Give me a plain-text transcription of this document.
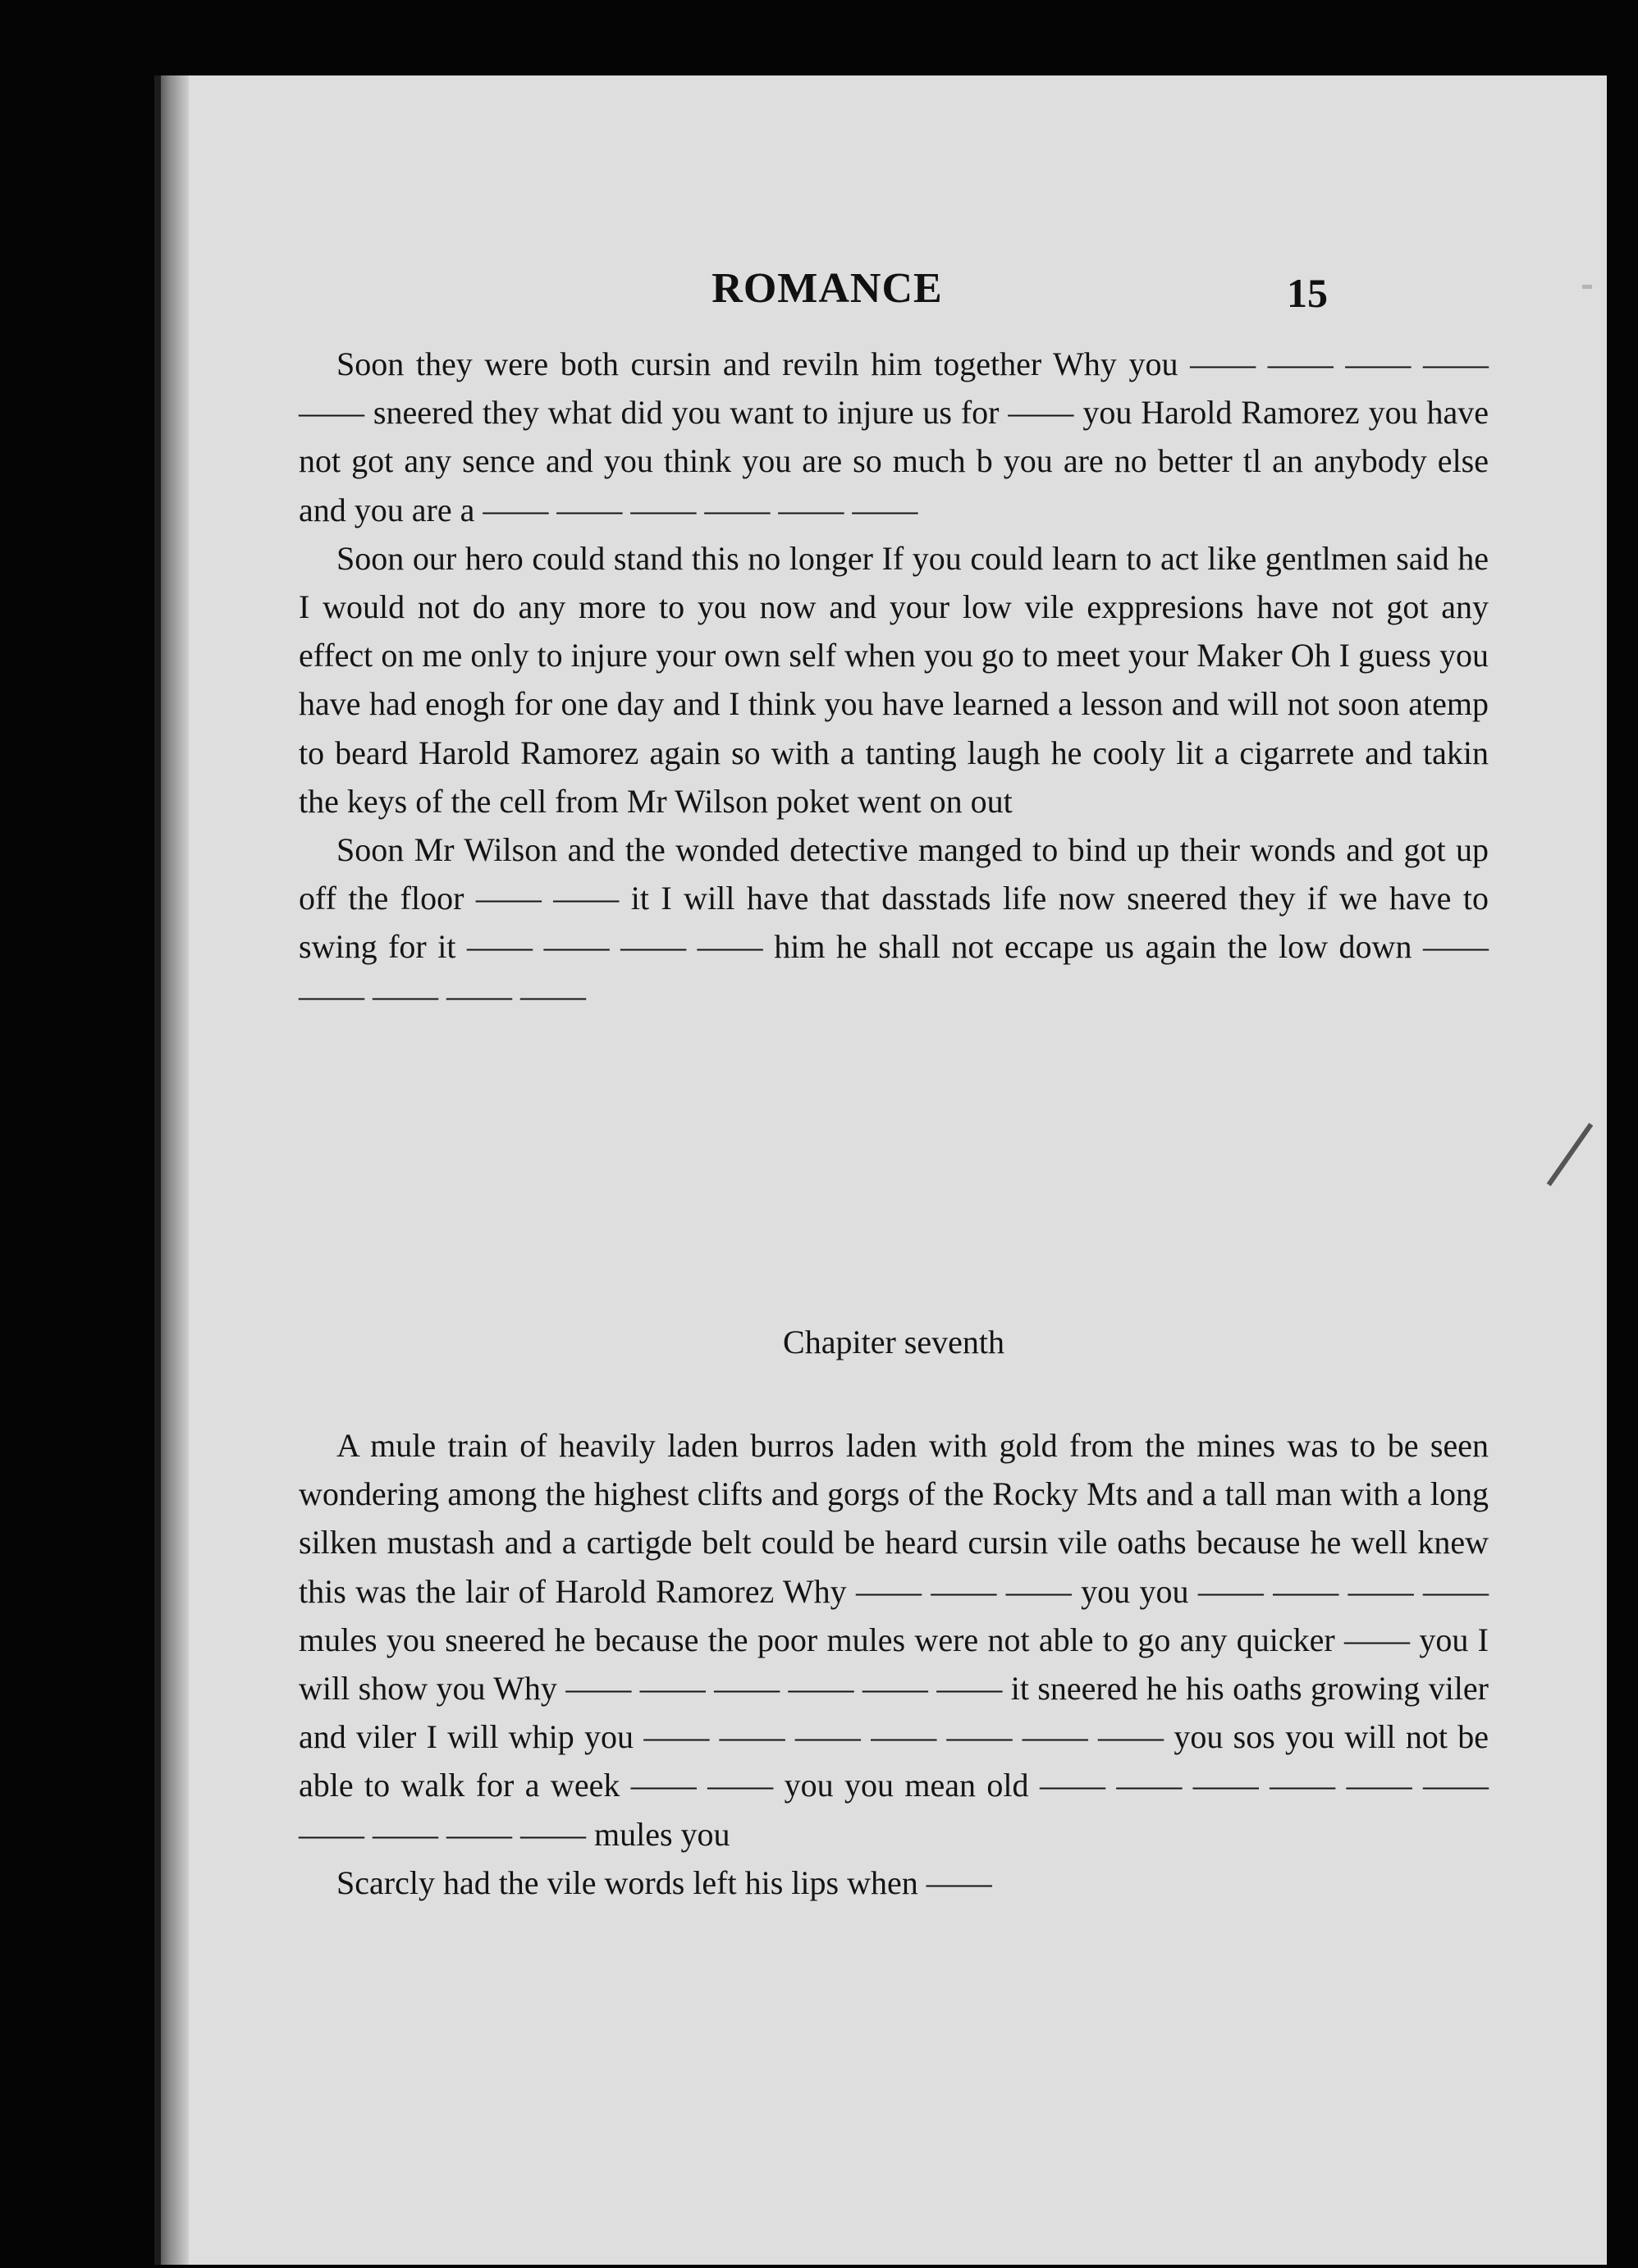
ROMANCE	15

Soon they were both cursin and reviln him together Why you —— —— —— —— —— sneered they what did you want to injure us for —— you Harold Ramorez you have not got any sence and you think you are so much b you are no better tl an anybody else and you are a —— —— —— —— —— ——

Soon our hero could stand this no longer If you could learn to act like gentlmen said he I would not do any more to you now and your low vile exppresions have not got any effect on me only to injure your own self when you go to meet your Maker Oh I guess you have had enogh for one day and I think you have learned a lesson and will not soon atemp to beard Harold Ramorez again so with a tanting laugh he cooly lit a cigarrete and takin the keys of the cell from Mr Wilson poket went on out

Soon Mr Wilson and the wonded detective manged to bind up their wonds and got up off the floor —— —— it I will have that dasstads life now sneered they if we have to swing for it —— —— —— —— him he shall not eccape us again the low down —— —— —— —— ——

Chapiter seventh

A mule train of heavily laden burros laden with gold from the mines was to be seen wondering among the highest clifts and gorgs of the Rocky Mts and a tall man with a long silken mustash and a cartigde belt could be heard cursin vile oaths because he well knew this was the lair of Harold Ramorez Why —— —— —— you you —— —— —— —— mules you sneered he because the poor mules were not able to go any quicker —— you I will show you Why —— —— —— —— —— —— it sneered he his oaths growing viler and viler I will whip you —— —— —— —— —— —— —— you sos you will not be able to walk for a week —— —— you you mean old —— —— —— —— —— —— —— —— —— —— mules you

Scarcly had the vile words left his lips when ——
